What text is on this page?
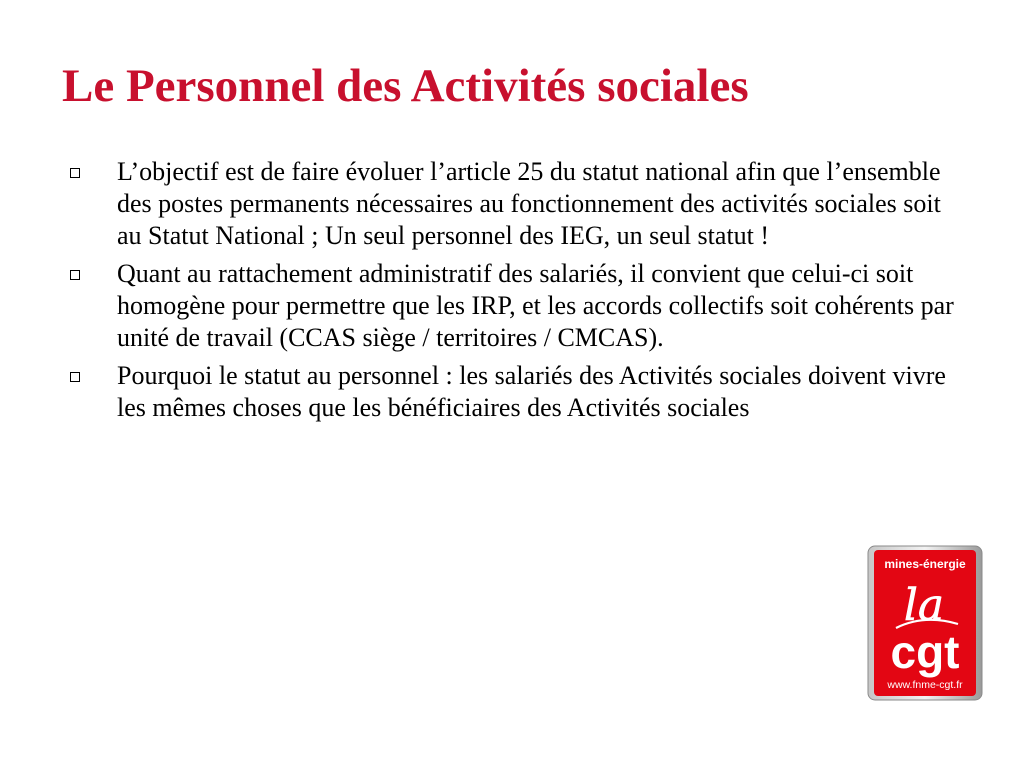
Le Personnel des Activités sociales
L’objectif est de faire évoluer l’article 25 du statut national afin que l’ensemble des postes permanents nécessaires au fonctionnement des activités sociales soit au Statut National ; Un seul personnel des IEG, un seul statut !
Quant au rattachement administratif des salariés, il convient que celui-ci soit homogène pour permettre que les IRP, et les accords collectifs soit cohérents par unité de travail (CCAS siège / territoires / CMCAS).
Pourquoi le statut au personnel : les salariés des Activités sociales doivent vivre les mêmes choses que les bénéficiaires des Activités sociales
mines-énergie
la
cgt
www.fnme-cgt.fr
